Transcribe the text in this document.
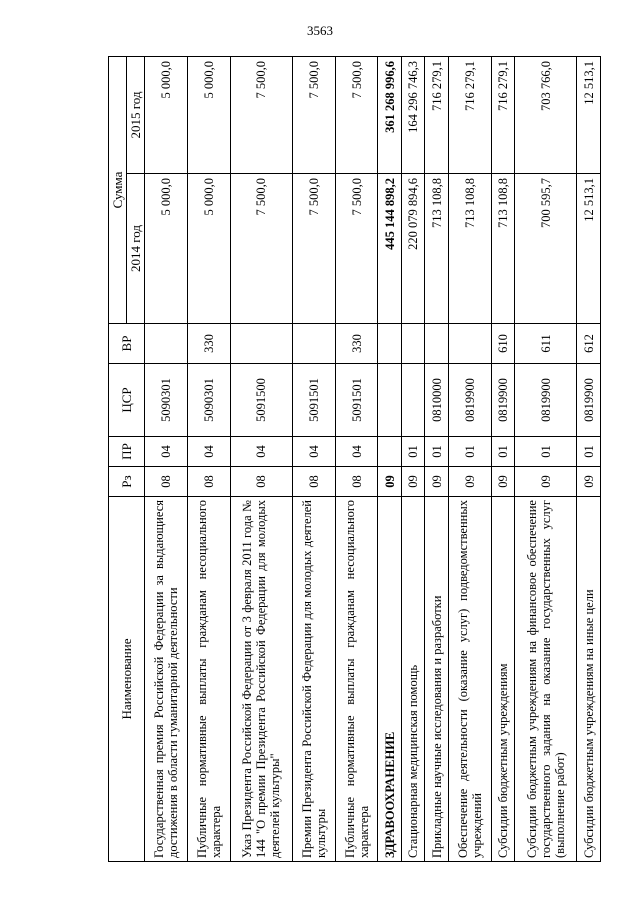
3563
Наименование	Рз	ПР	ЦСР	ВР	Сумма	
					2014 год	2015 год
Государственная премия Российской Федерации за выдающиеся достижения в области гуманитарной деятельности	08	04	5090301		5 000,0	5 000,0
Публичные нормативные выплаты гражданам несоциального характера	08	04	5090301	330	5 000,0	5 000,0
Указ Президента Российской Федерации от 3 февраля 2011 года № 144 "О премии Президента Российской Федерации для молодых деятелей культуры"	08	04	5091500		7 500,0	7 500,0
Премии Президента Российской Федерации для молодых деятелей культуры	08	04	5091501		7 500,0	7 500,0
Публичные нормативные выплаты гражданам несоциального характера	08	04	5091501	330	7 500,0	7 500,0
ЗДРАВООХРАНЕНИЕ	09				445 144 898,2	361 268 996,6
Стационарная медицинская помощь	09	01			220 079 894,6	164 296 746,3
Прикладные научные исследования и разработки	09	01	0810000		713 108,8	716 279,1
Обеспечение деятельности (оказание услуг) подведомственных учреждений	09	01	0819900		713 108,8	716 279,1
Субсидии бюджетным учреждениям	09	01	0819900	610	713 108,8	716 279,1
Субсидии бюджетным учреждениям на финансовое обеспечение государственного задания на оказание государственных услуг (выполнение работ)	09	01	0819900	611	700 595,7	703 766,0
Субсидии бюджетным учреждениям на иные цели	09	01	0819900	612	12 513,1	12 513,1
